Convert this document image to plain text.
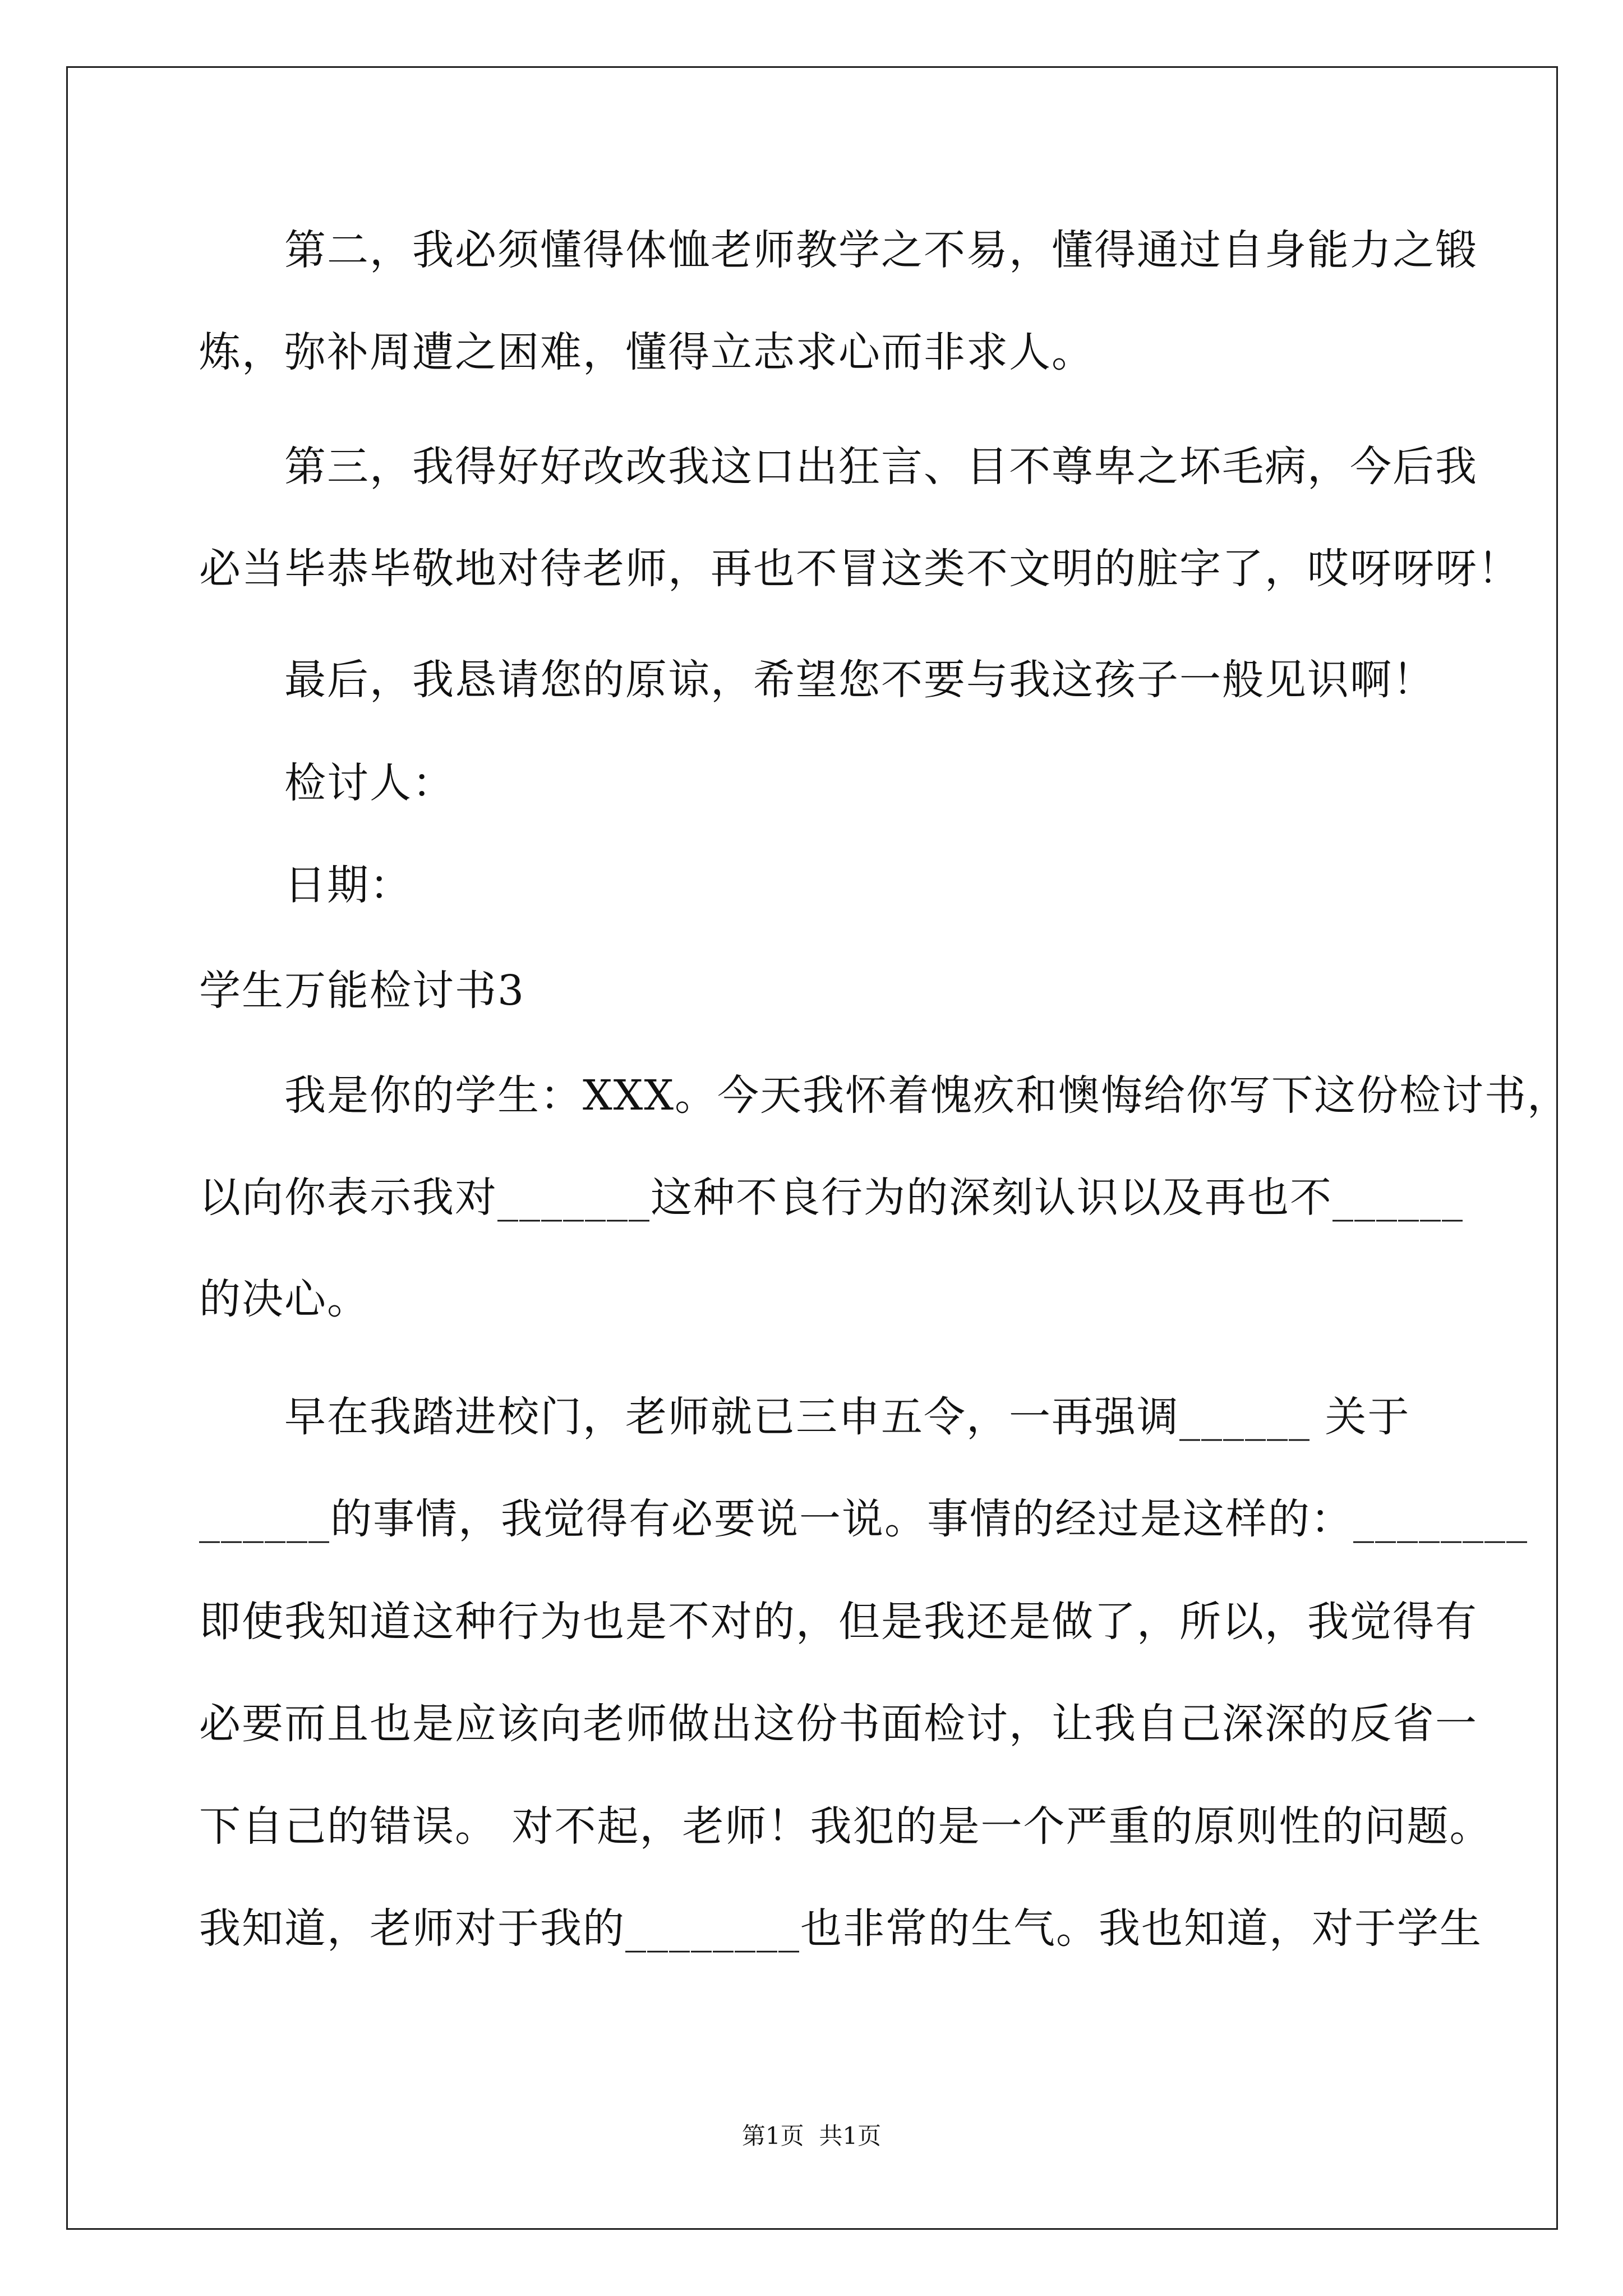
　　第二，我必须懂得体恤老师教学之不易，懂得通过自身能力之锻
炼，弥补周遭之困难，懂得立志求心而非求人。
　　第三，我得好好改改我这口出狂言、目不尊卑之坏毛病，今后我
必当毕恭毕敬地对待老师，再也不冒这类不文明的脏字了，哎呀呀呀！
　　最后，我恳请您的原谅，希望您不要与我这孩子一般见识啊！
　　检讨人：
　　日期：
学生万能检讨书3
　　我是你的学生：XXX。今天我怀着愧疚和懊悔给你写下这份检讨书，
以向你表示我对_______这种不良行为的深刻认识以及再也不______
的决心。
　　早在我踏进校门，老师就已三申五令，一再强调______ 关于
______的事情，我觉得有必要说一说。事情的经过是这样的：________
即使我知道这种行为也是不对的，但是我还是做了，所以，我觉得有
必要而且也是应该向老师做出这份书面检讨，让我自己深深的反省一
下自己的错误。 对不起，老师！我犯的是一个严重的原则性的问题。
我知道，老师对于我的________也非常的生气。我也知道，对于学生
第1页  共1页
